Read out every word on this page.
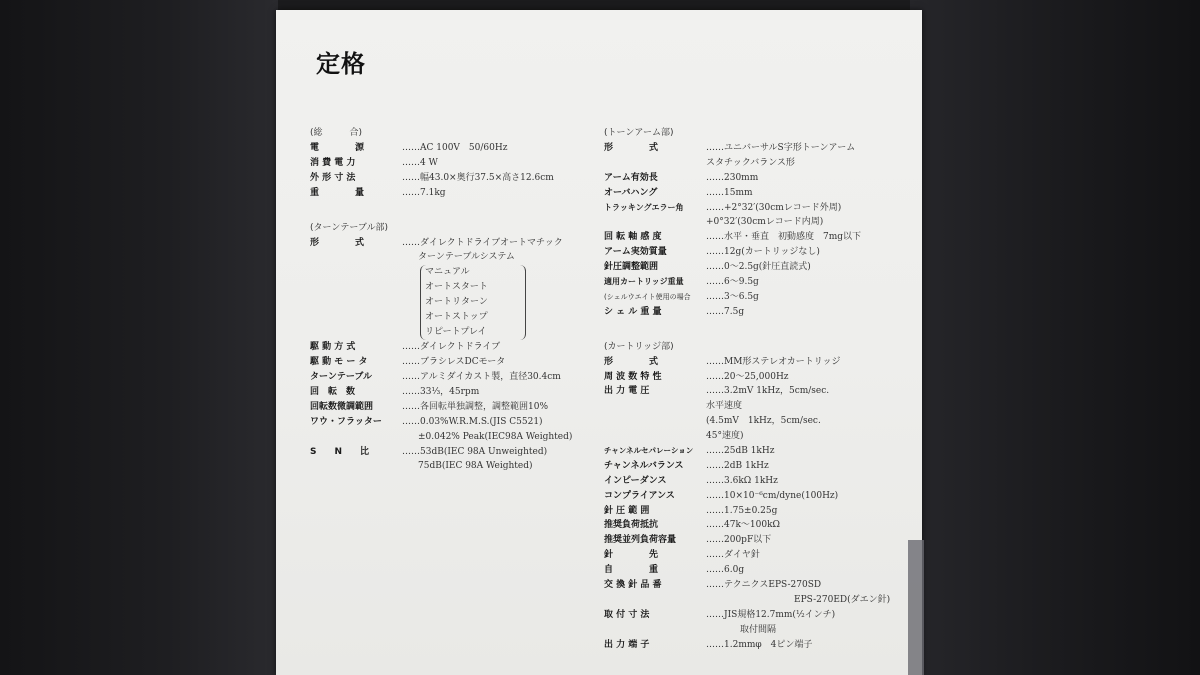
定格
(総　　　合)
電　　　　源	……AC 100V　50/60Hz
消 費 電 力	……4 W
外 形 寸 法	……幅43.0×奥行37.5×高さ12.6cm
重　　　　量	……7.1kg
(ターンテーブル部)
形　　　　式	……ダイレクトドライブオートマチック
ターンテーブルシステム
マニュアル
オートスタート
オートリターン
オートストップ
リピートプレイ
駆 動 方 式	……ダイレクトドライブ
駆 動 モ ー タ	……ブラシレスDCモータ
ターンテーブル	……アルミダイカスト製，直径30.4cm
回　転　数	……33⅓，45rpm
回転数微調範囲	……各回転単独調整，調整範囲10%
ワウ・フラッター	……0.03%W.R.M.S.(JIS C5521)
±0.042% Peak(IEC98A Weighted)
S　　N　　比	……53dB(IEC 98A Unweighted)
75dB(IEC 98A Weighted)
(トーンアーム部)
形　　　　式	……ユニバーサルS字形トーンアーム
スタチックバランス形
アーム有効長	……230mm
オーバハング	……15mm
トラッキングエラー角	……+2°32′(30cmレコード外周)
+0°32′(30cmレコード内周)
回 転 軸 感 度	……水平・垂直　初動感度　7mg以下
アーム実効質量	……12g(カートリッジなし)
針圧調整範囲	……0～2.5g(針圧直読式)
適用カートリッジ重量	……6～9.5g
(シェルウエイト使用の場合	……3～6.5g
シ ェ ル 重 量	……7.5g
(カートリッジ部)
形　　　　式	……MM形ステレオカートリッジ
周 波 数 特 性	……20～25,000Hz
出 力 電 圧	……3.2mV 1kHz，5cm/sec.
水平速度
(4.5mV　1kHz，5cm/sec.
45°速度)
チャンネルセパレーション	……25dB 1kHz
チャンネルバランス	……2dB 1kHz
インピーダンス	……3.6kΩ 1kHz
コンプライアンス	……10×10⁻⁶cm/dyne(100Hz)
針 圧 範 囲	……1.75±0.25g
推奨負荷抵抗	……47k～100kΩ
推奨並列負荷容量	……200pF以下
針　　　　先	……ダイヤ針
自　　　　重	……6.0g
交 換 針 品 番	……テクニクスEPS-270SD
EPS-270ED(ダエン針)
取 付 寸 法	……JIS規格12.7mm(½インチ)
取付間隔
出 力 端 子	……1.2mmφ　4ピン端子
